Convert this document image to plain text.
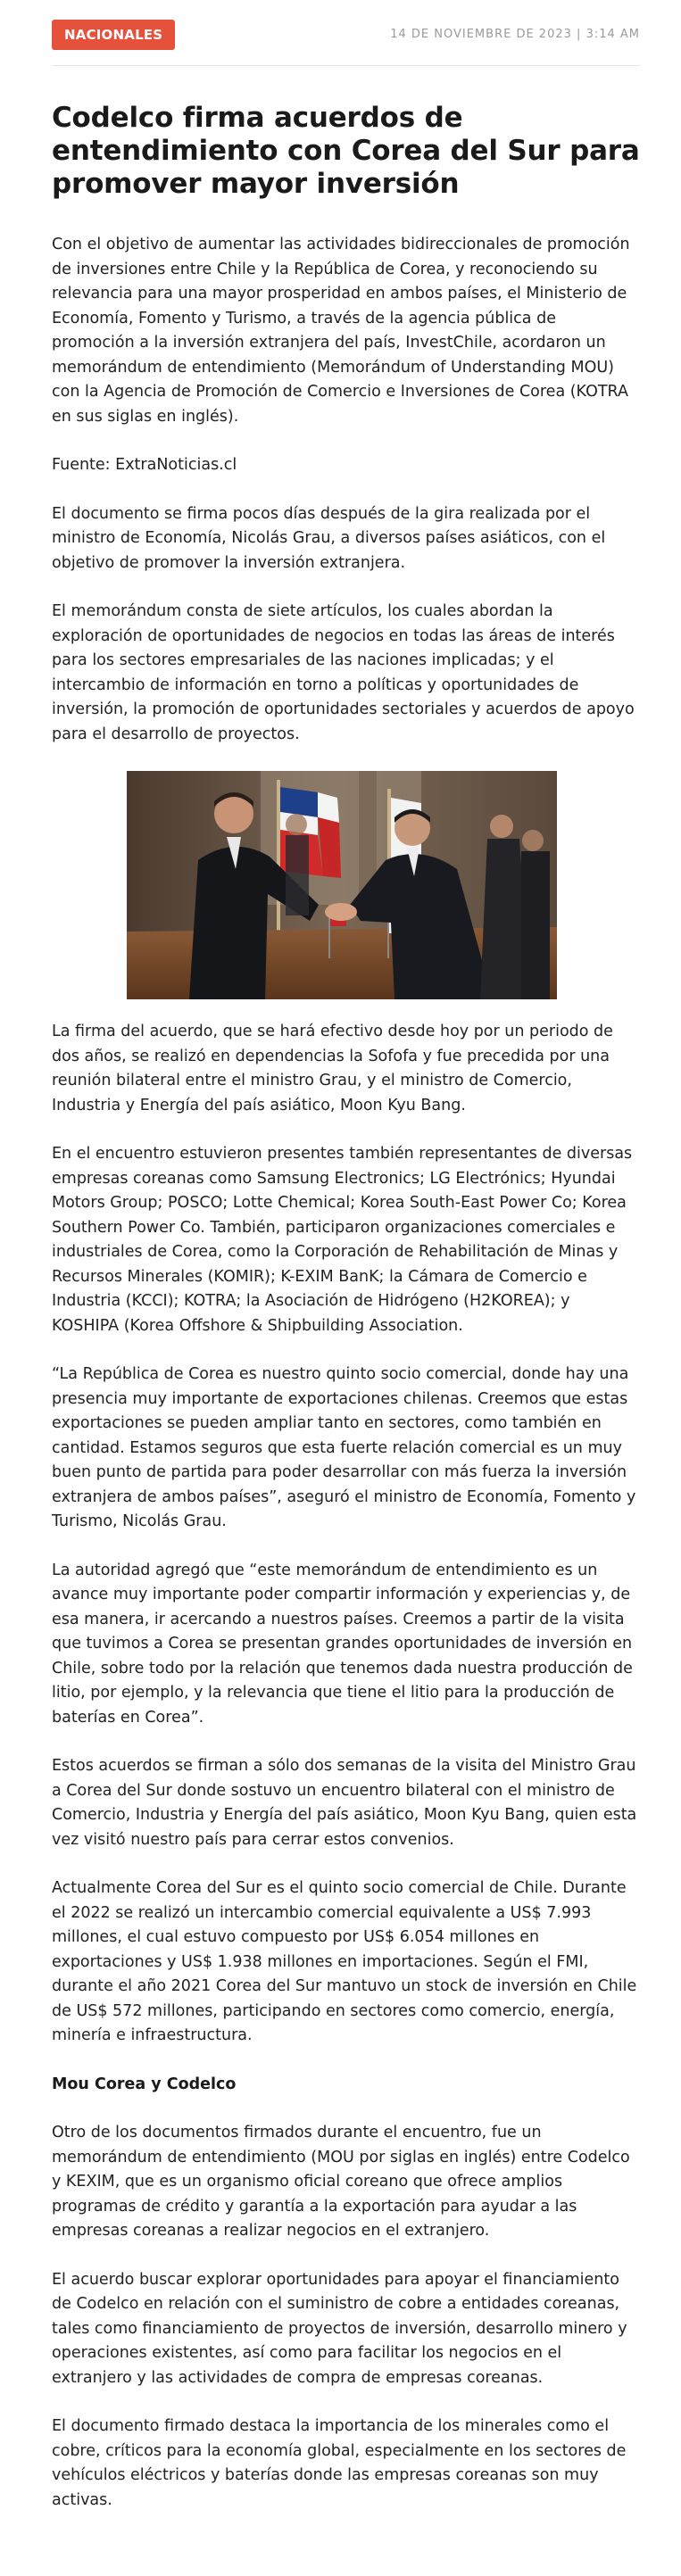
NACIONALES	14 DE NOVIEMBRE DE 2023 | 3:14 AM
Codelco firma acuerdos de entendimiento con Corea del Sur para promover mayor inversión

Con el objetivo de aumentar las actividades bidireccionales de promoción de inversiones entre Chile y la República de Corea, y reconociendo su relevancia para una mayor prosperidad en ambos países, el Ministerio de Economía, Fomento y Turismo, a través de la agencia pública de promoción a la inversión extranjera del país, InvestChile, acordaron un memorándum de entendimiento (Memorándum of Understanding MOU) con la Agencia de Promoción de Comercio e Inversiones de Corea (KOTRA en sus siglas en inglés).

Fuente: ExtraNoticias.cl

El documento se firma pocos días después de la gira realizada por el ministro de Economía, Nicolás Grau, a diversos países asiáticos, con el objetivo de promover la inversión extranjera.

El memorándum consta de siete artículos, los cuales abordan la exploración de oportunidades de negocios en todas las áreas de interés para los sectores empresariales de las naciones implicadas; y el intercambio de información en torno a políticas y oportunidades de inversión, la promoción de oportunidades sectoriales y acuerdos de apoyo para el desarrollo de proyectos.

La firma del acuerdo, que se hará efectivo desde hoy por un periodo de dos años, se realizó en dependencias la Sofofa y fue precedida por una reunión bilateral entre el ministro Grau, y el ministro de Comercio, Industria y Energía del país asiático, Moon Kyu Bang.

En el encuentro estuvieron presentes también representantes de diversas empresas coreanas como Samsung Electronics; LG Electrónics; Hyundai Motors Group; POSCO; Lotte Chemical; Korea South-East Power Co; Korea Southern Power Co. También, participaron organizaciones comerciales e industriales de Corea, como la Corporación de Rehabilitación de Minas y Recursos Minerales (KOMIR); K-EXIM BanK; la Cámara de Comercio e Industria (KCCI); KOTRA; la Asociación de Hidrógeno (H2KOREA); y KOSHIPA (Korea Offshore & Shipbuilding Association.

“La República de Corea es nuestro quinto socio comercial, donde hay una presencia muy importante de exportaciones chilenas. Creemos que estas exportaciones se pueden ampliar tanto en sectores, como también en cantidad. Estamos seguros que esta fuerte relación comercial es un muy buen punto de partida para poder desarrollar con más fuerza la inversión extranjera de ambos países”, aseguró el ministro de Economía, Fomento y Turismo, Nicolás Grau.

La autoridad agregó que “este memorándum de entendimiento es un avance muy importante poder compartir información y experiencias y, de esa manera, ir acercando a nuestros países. Creemos a partir de la visita que tuvimos a Corea se presentan grandes oportunidades de inversión en Chile, sobre todo por la relación que tenemos dada nuestra producción de litio, por ejemplo, y la relevancia que tiene el litio para la producción de baterías en Corea”.

Estos acuerdos se firman a sólo dos semanas de la visita del Ministro Grau a Corea del Sur donde sostuvo un encuentro bilateral con el ministro de Comercio, Industria y Energía del país asiático, Moon Kyu Bang, quien esta vez visitó nuestro país para cerrar estos convenios.

Actualmente Corea del Sur es el quinto socio comercial de Chile. Durante el 2022 se realizó un intercambio comercial equivalente a US$ 7.993 millones, el cual estuvo compuesto por US$ 6.054 millones en exportaciones y US$ 1.938 millones en importaciones. Según el FMI, durante el año 2021 Corea del Sur mantuvo un stock de inversión en Chile de US$ 572 millones, participando en sectores como comercio, energía, minería e infraestructura.

Mou Corea y Codelco

Otro de los documentos firmados durante el encuentro, fue un memorándum de entendimiento (MOU por siglas en inglés) entre Codelco y KEXIM, que es un organismo oficial coreano que ofrece amplios programas de crédito y garantía a la exportación para ayudar a las empresas coreanas a realizar negocios en el extranjero.

El acuerdo buscar explorar oportunidades para apoyar el financiamiento de Codelco en relación con el suministro de cobre a entidades coreanas, tales como financiamiento de proyectos de inversión, desarrollo minero y operaciones existentes, así como para facilitar los negocios en el extranjero y las actividades de compra de empresas coreanas.

El documento firmado destaca la importancia de los minerales como el cobre, críticos para la economía global, especialmente en los sectores de vehículos eléctricos y baterías donde las empresas coreanas son muy activas.
